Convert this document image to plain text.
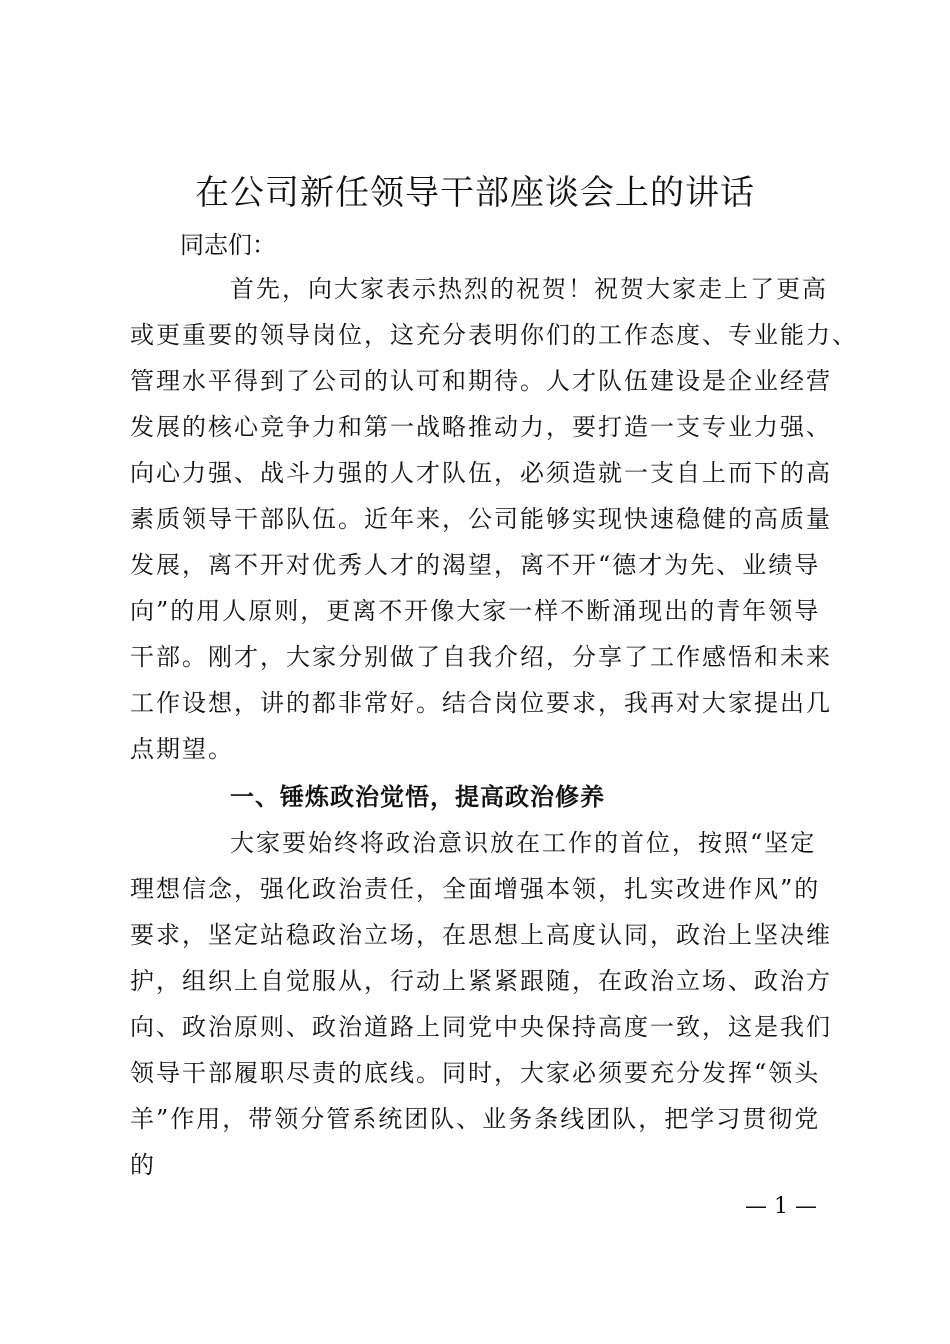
在公司新任领导干部座谈会上的讲话
同志们：
首先，向大家表示热烈的祝贺！祝贺大家走上了更高
或更重要的领导岗位，这充分表明你们的工作态度、专业能力、
管理水平得到了公司的认可和期待。人才队伍建设是企业经营
发展的核心竞争力和第一战略推动力，要打造一支专业力强、
向心力强、战斗力强的人才队伍，必须造就一支自上而下的高
素质领导干部队伍。近年来，公司能够实现快速稳健的高质量
发展，离不开对优秀人才的渴望，离不开“德才为先、业绩导
向”的用人原则，更离不开像大家一样不断涌现出的青年领导
干部。刚才，大家分别做了自我介绍，分享了工作感悟和未来
工作设想，讲的都非常好。结合岗位要求，我再对大家提出几
点期望。
一、锤炼政治觉悟，提高政治修养
大家要始终将政治意识放在工作的首位，按照“坚定
理想信念，强化政治责任，全面增强本领，扎实改进作风”的
要求，坚定站稳政治立场，在思想上高度认同，政治上坚决维
护，组织上自觉服从，行动上紧紧跟随，在政治立场、政治方
向、政治原则、政治道路上同党中央保持高度一致，这是我们
领导干部履职尽责的底线。同时，大家必须要充分发挥“领头
羊”作用，带领分管系统团队、业务条线团队，把学习贯彻党
的
— 1 —
